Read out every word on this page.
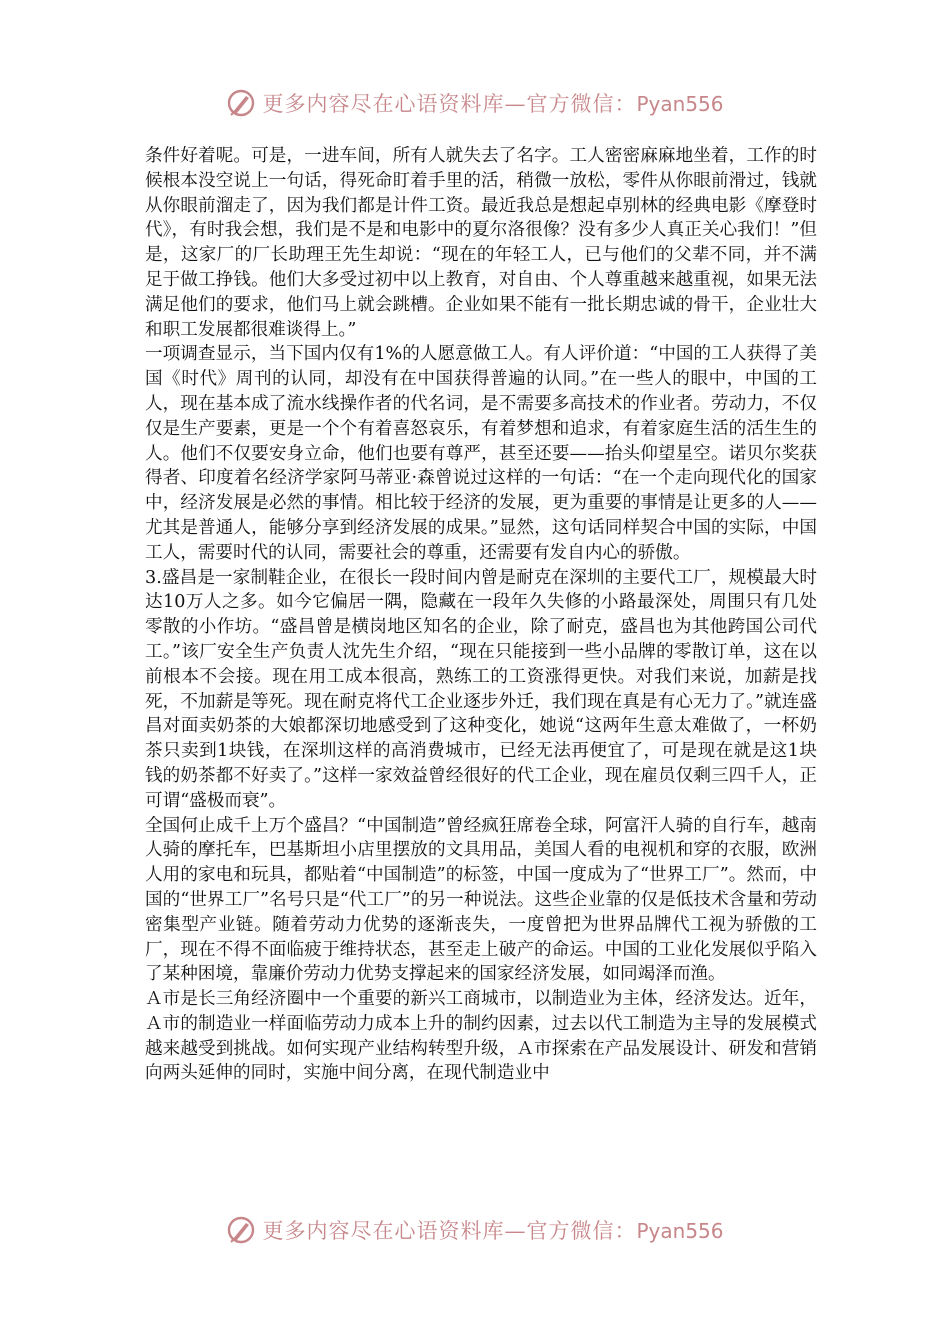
更多内容尽在心语资料库—官方微信：Pyan556

条件好着呢。可是，一进车间，所有人就失去了名字。工人密密麻麻地坐着，工作的时候根本没空说上一句话，得死命盯着手里的活，稍微一放松，零件从你眼前滑过，钱就从你眼前溜走了，因为我们都是计件工资。最近我总是想起卓别林的经典电影《摩登时代》，有时我会想，我们是不是和电影中的夏尔洛很像？没有多少人真正关心我们！”但是，这家厂的厂长助理王先生却说：“现在的年轻工人，已与他们的父辈不同，并不满足于做工挣钱。他们大多受过初中以上教育，对自由、个人尊重越来越重视，如果无法满足他们的要求，他们马上就会跳槽。企业如果不能有一批长期忠诚的骨干，企业壮大和职工发展都很难谈得上。”

一项调查显示，当下国内仅有1%的人愿意做工人。有人评价道：“中国的工人获得了美国《时代》周刊的认同，却没有在中国获得普遍的认同。”在一些人的眼中，中国的工人，现在基本成了流水线操作者的代名词，是不需要多高技术的作业者。劳动力，不仅仅是生产要素，更是一个个有着喜怒哀乐，有着梦想和追求，有着家庭生活的活生生的人。他们不仅要安身立命，他们也要有尊严，甚至还要——抬头仰望星空。诺贝尔奖获得者、印度着名经济学家阿马蒂亚·森曾说过这样的一句话：“在一个走向现代化的国家中，经济发展是必然的事情。相比较于经济的发展，更为重要的事情是让更多的人——尤其是普通人，能够分享到经济发展的成果。”显然，这句话同样契合中国的实际，中国工人，需要时代的认同，需要社会的尊重，还需要有发自内心的骄傲。

3.盛昌是一家制鞋企业，在很长一段时间内曾是耐克在深圳的主要代工厂，规模最大时达10万人之多。如今它偏居一隅，隐藏在一段年久失修的小路最深处，周围只有几处零散的小作坊。“盛昌曾是横岗地区知名的企业，除了耐克，盛昌也为其他跨国公司代工。”该厂安全生产负责人沈先生介绍，“现在只能接到一些小品牌的零散订单，这在以前根本不会接。现在用工成本很高，熟练工的工资涨得更快。对我们来说，加薪是找死，不加薪是等死。现在耐克将代工企业逐步外迁，我们现在真是有心无力了。”就连盛昌对面卖奶茶的大娘都深切地感受到了这种变化，她说“这两年生意太难做了，一杯奶茶只卖到1块钱，在深圳这样的高消费城市，已经无法再便宜了，可是现在就是这1块钱的奶茶都不好卖了。”这样一家效益曾经很好的代工企业，现在雇员仅剩三四千人，正可谓“盛极而衰”。

全国何止成千上万个盛昌？“中国制造”曾经疯狂席卷全球，阿富汗人骑的自行车，越南人骑的摩托车，巴基斯坦小店里摆放的文具用品，美国人看的电视机和穿的衣服，欧洲人用的家电和玩具，都贴着“中国制造”的标签，中国一度成为了“世界工厂”。然而，中国的“世界工厂”名号只是“代工厂”的另一种说法。这些企业靠的仅是低技术含量和劳动密集型产业链。随着劳动力优势的逐渐丧失，一度曾把为世界品牌代工视为骄傲的工厂，现在不得不面临疲于维持状态，甚至走上破产的命运。中国的工业化发展似乎陷入了某种困境，靠廉价劳动力优势支撑起来的国家经济发展，如同竭泽而渔。

Ａ市是长三角经济圈中一个重要的新兴工商城市，以制造业为主体，经济发达。近年，Ａ市的制造业一样面临劳动力成本上升的制约因素，过去以代工制造为主导的发展模式越来越受到挑战。如何实现产业结构转型升级，Ａ市探索在产品发展设计、研发和营销向两头延伸的同时，实施中间分离，在现代制造业中

更多内容尽在心语资料库—官方微信：Pyan556
